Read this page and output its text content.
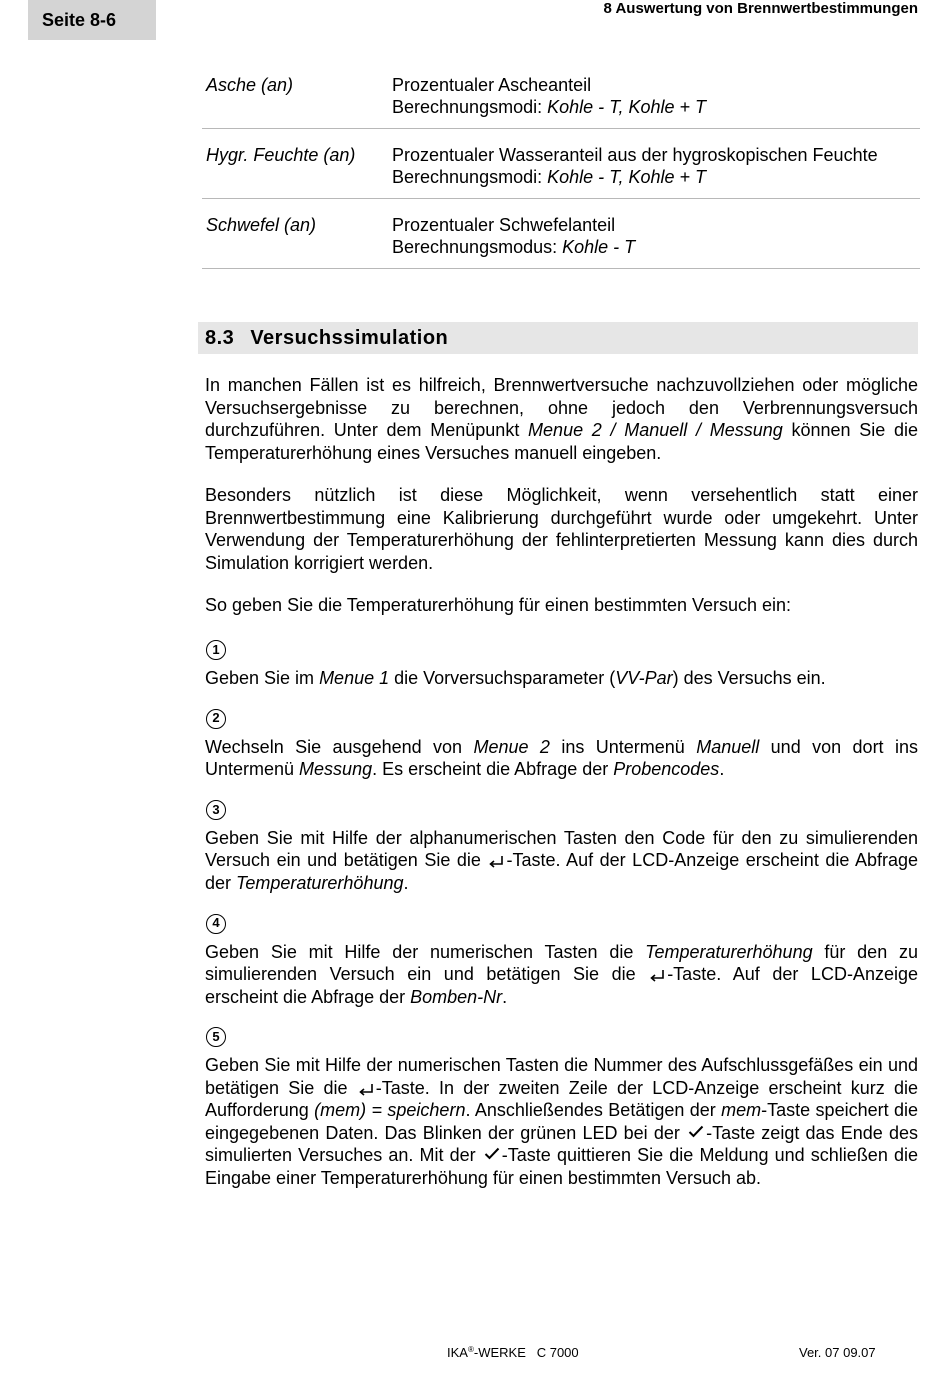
Seite 8-6
8 Auswertung von Brennwertbestimmungen
Asche (an)	Prozentualer Ascheanteil
Berechnungsmodi: Kohle - T, Kohle + T
Hygr. Feuchte (an)	Prozentualer Wasseranteil aus der hygroskopischen Feuchte
Berechnungsmodi: Kohle - T, Kohle + T
Schwefel (an)	Prozentualer Schwefelanteil
Berechnungsmodus: Kohle - T
8.3 Versuchssimulation

In manchen Fällen ist es hilfreich, Brennwertversuche nachzuvollziehen oder mögliche Versuchsergebnisse zu berechnen, ohne jedoch den Verbrennungsversuch durchzuführen. Unter dem Menüpunkt Menue 2 / Manuell / Messung können Sie die Temperaturerhöhung eines Versuches manuell eingeben.

Besonders nützlich ist diese Möglichkeit, wenn versehentlich statt einer Brennwertbestimmung eine Kalibrierung durchgeführt wurde oder umgekehrt. Unter Verwendung der Temperaturerhöhung der fehlinterpretierten Messung kann dies durch Simulation korrigiert werden.

So geben Sie die Temperaturerhöhung für einen bestimmten Versuch ein:

1

Geben Sie im Menue 1 die Vorversuchsparameter (VV-Par) des Versuchs ein.

2

Wechseln Sie ausgehend von Menue 2 ins Untermenü Manuell und von dort ins Untermenü Messung. Es erscheint die Abfrage der Probencodes.

3

Geben Sie mit Hilfe der alphanumerischen Tasten den Code für den zu simulierenden Versuch ein und betätigen Sie die -Taste. Auf der LCD-Anzeige erscheint die Abfrage der Temperaturerhöhung.

4

Geben Sie mit Hilfe der numerischen Tasten die Temperaturerhöhung für den zu simulierenden Versuch ein und betätigen Sie die -Taste. Auf der LCD-Anzeige erscheint die Abfrage der Bomben-Nr.

5

Geben Sie mit Hilfe der numerischen Tasten die Nummer des Aufschlussgefäßes ein und betätigen Sie die -Taste. In der zweiten Zeile der LCD-Anzeige erscheint kurz die Aufforderung (mem) = speichern. Anschließendes Betätigen der mem-Taste speichert die eingegebenen Daten. Das Blinken der grünen LED bei der -Taste zeigt das Ende des simulierten Versuches an. Mit der -Taste quittieren Sie die Meldung und schließen die Eingabe einer Temperaturerhöhung für einen bestimmten Versuch ab.

IKA®-WERKE   C 7000	Ver. 07 09.07
